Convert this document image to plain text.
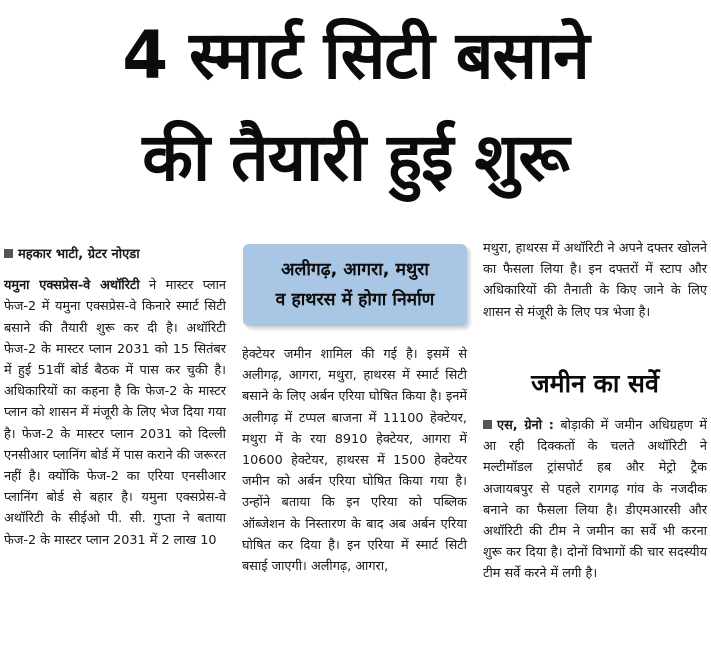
4 स्मार्ट सिटी बसाने
की तैयारी हुई शुरू
महकार भाटी, ग्रेटर नोएडा

यमुना एक्सप्रेस-वे अथॉरिटी ने मास्टर प्लान फेज-2 में यमुना एक्सप्रेस-वे किनारे स्मार्ट सिटी बसाने की तैयारी शुरू कर दी है। अथॉरिटी फेज-2 के मास्टर प्लान 2031 को 15 सितंबर में हुई 51वीं बोर्ड बैठक में पास कर चुकी है। अधिकारियों का कहना है कि फेज-2 के मास्टर प्लान को शासन में मंजूरी के लिए भेज दिया गया है। फेज-2 के मास्टर प्लान 2031 को दिल्ली एनसीआर प्लानिंग बोर्ड में पास कराने की जरूरत नहीं है। क्योंकि फेज-2 का एरिया एनसीआर प्लानिंग बोर्ड से बहार है। यमुना एक्सप्रेस-वे अथॉरिटी के सीईओ पी. सी. गुप्ता ने बताया फेज-2 के मास्टर प्लान 2031 में 2 लाख 10

अलीगढ़, आगरा, मथुरा
व हाथरस में होगा निर्माण

हेक्टेयर जमीन शामिल की गई है। इसमें से अलीगढ़, आगरा, मथुरा, हाथरस में स्मार्ट सिटी बसाने के लिए अर्बन एरिया घोषित किया है। इनमें अलीगढ़ में टप्पल बाजना में 11100 हेक्टेयर, मथुरा में के रया 8910 हेक्टेयर, आगरा में 10600 हेक्टेयर, हाथरस में 1500 हेक्टेयर जमीन को अर्बन एरिया घोषित किया गया है। उन्होंने बताया कि इन एरिया को पब्लिक ऑब्जेशन के निस्तारण के बाद अब अर्बन एरिया घोषित कर दिया है। इन एरिया में स्मार्ट सिटी बसाई जाएगी। अलीगढ़, आगरा,

मथुरा, हाथरस में अथॉरिटी ने अपने दफ्तर खोलने का फैसला लिया है। इन दफ्तरों में स्टाप और अधिकारियों की तैनाती के किए जाने के लिए शासन से मंजूरी के लिए पत्र भेजा है।

जमीन का सर्वे

एस, ग्रेनो : बोड़ाकी में जमीन अधिग्रहण में आ रही दिक्कतों के चलते अथॉरिटी ने मल्टीमॉडल ट्रांसपोर्ट हब और मेट्रो ट्रैक अजायबपुर से पहले रागगढ़ गांव के नजदीक बनाने का फैसला लिया है। डीएमआरसी और अथॉरिटी की टीम ने जमीन का सर्वे भी करना शुरू कर दिया है। दोनों विभागों की चार सदस्यीय टीम सर्वे करने में लगी है।
